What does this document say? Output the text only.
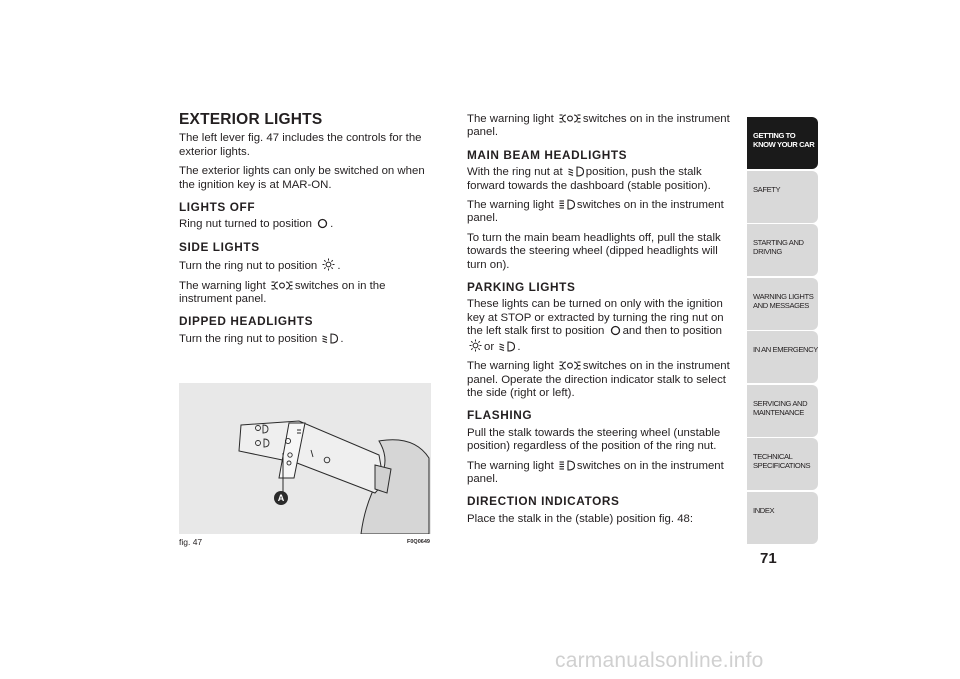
EXTERIOR LIGHTS

The left lever fig. 47 includes the controls for the exterior lights.

The exterior lights can only be switched on when the ignition key is at MAR-ON.

LIGHTS OFF

Ring nut turned to position .

SIDE LIGHTS

Turn the ring nut to position .

The warning light	switches on in the instrument panel.

DIPPED HEADLIGHTS

Turn the ring nut to position .

A
fig. 47	F0Q0649

The warning light	switches on in the instrument panel.

MAIN BEAM HEADLIGHTS

With the ring nut at position, push the stalk forward towards the dashboard (stable position).

The warning light switches on in the instrument panel.

To turn the main beam headlights off, pull the stalk towards the steering wheel (dipped headlights will turn on).

PARKING LIGHTS

These lights can be turned on only with the ignition key at STOP or extracted by turning the ring nut on the left stalk first to position and then to position
or .

The warning light	switches on in the instrument panel. Operate the direction indicator stalk to select the side (right or left).

FLASHING

Pull the stalk towards the steering wheel (unstable position) regardless of the position of the ring nut.

The warning light switches on in the instrument panel.

DIRECTION INDICATORS

Place the stalk in the (stable) position fig. 48:

GETTING TO KNOW YOUR CAR
SAFETY
STARTING AND DRIVING
WARNING LIGHTS AND MESSAGES
IN AN EMERGENCY
SERVICING AND MAINTENANCE
TECHNICAL SPECIFICATIONS
INDEX
71
carmanualsonline.info
